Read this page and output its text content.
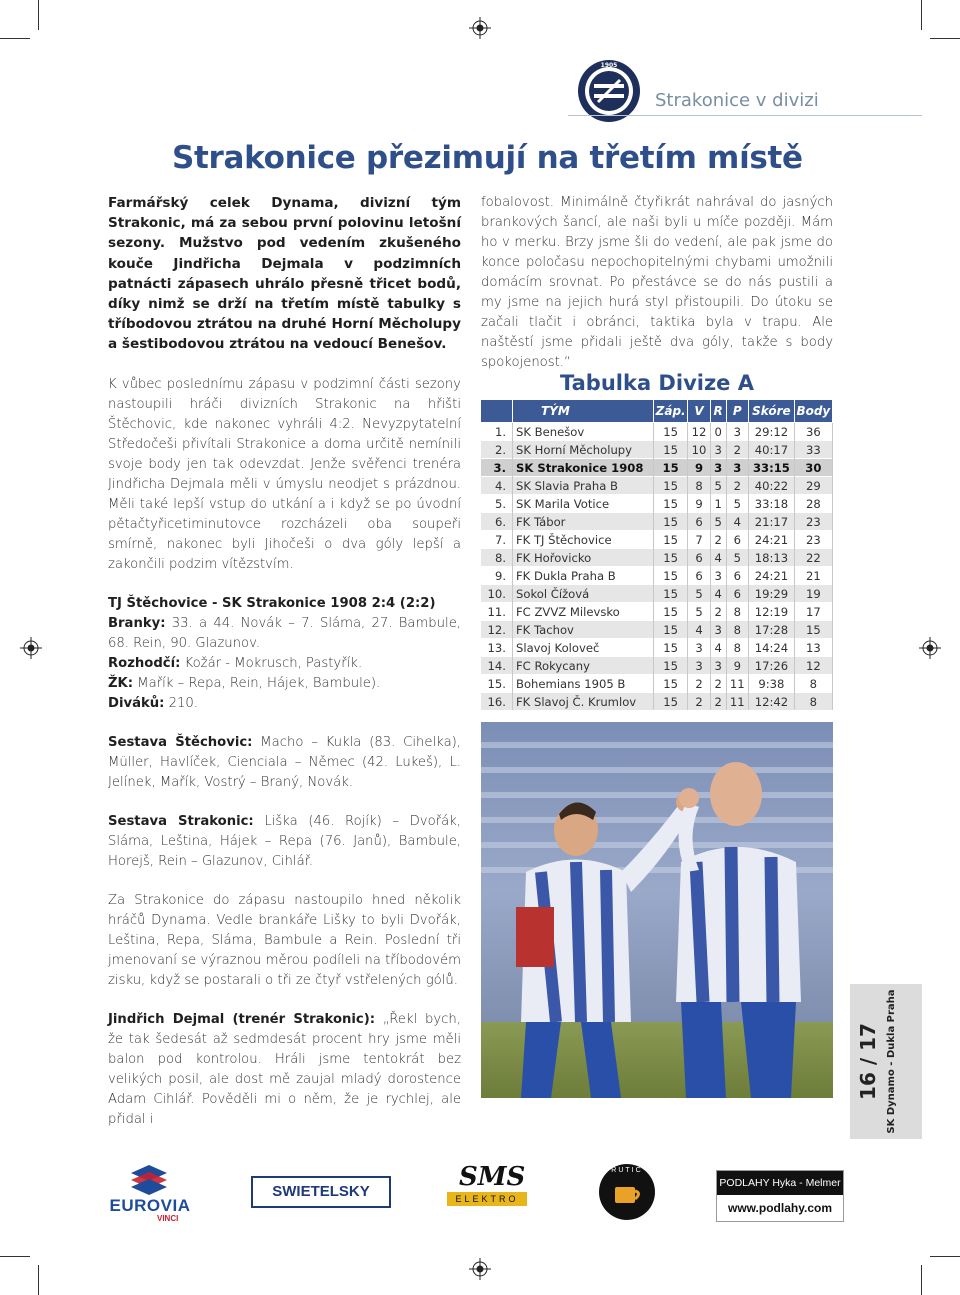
1905
Strakonice v divizi
Strakonice přezimují na třetím místě

Farmářský celek Dynama, divizní tým Strakonic, má za sebou první polovinu letošní sezony. Mužstvo pod vedením zkušeného kouče Jindřicha Dejmala v podzimních patnácti zápasech uhrálo přesně třicet bodů, díky nimž se drží na třetím místě tabulky s tříbodovou ztrátou na druhé Horní Měcholupy a šestibodovou ztrátou na vedoucí Benešov.

K vůbec poslednímu zápasu v podzimní části sezony nastoupili hráči divizních Strakonic na hřišti Štěchovic, kde nakonec vyhráli 4:2. Nevyzpytatelní Středočeši přivítali Strakonice a doma určitě nemínili svoje body jen tak odevzdat. Jenže svěřenci trenéra Jindřicha Dejmala měli v úmyslu neodjet s prázdnou. Měli také lepší vstup do utkání a i když se po úvodní pětačtyřicetiminutovce rozcházeli oba soupeři smírně, nakonec byli Jihočeši o dva góly lepší a zakončili podzim vítězstvím.

TJ Štěchovice - SK Strakonice 1908 2:4 (2:2)
Branky: 33. a 44. Novák – 7. Sláma, 27. Bambule, 68. Rein, 90. Glazunov.
Rozhodčí: Kožár - Mokrusch, Pastyřík.
ŽK: Mařík – Repa, Rein, Hájek, Bambule).
Diváků: 210.

Sestava Štěchovic: Macho – Kukla (83. Cihelka), Müller, Havlíček, Cienciala – Němec (42. Lukeš), L. Jelínek, Mařík, Vostrý – Braný, Novák.

Sestava Strakonic: Liška (46. Rojík) – Dvořák, Sláma, Leština, Hájek – Repa (76. Janů), Bambule, Horejš, Rein – Glazunov, Cihlář.

Za Strakonice do zápasu nastoupilo hned několik hráčů Dynama. Vedle brankáře Lišky to byli Dvořák, Leština, Repa, Sláma, Bambule a Rein. Poslední tři jmenovaní se výraznou měrou podíleli na tříbodovém zisku, když se postarali o tři ze čtyř vstřelených gólů.

Jindřich Dejmal (trenér Strakonic): „Řekl bych, že tak šedesát až sedmdesát procent hry jsme měli balon pod kontrolou. Hráli jsme tentokrát bez velikých posil, ale dost mě zaujal mladý dorostence Adam Cihlář. Pověděli mi o něm, že je rychlej, ale přidal i

fobalovost. Minimálně čtyřikrát nahrával do jasných brankových šancí, ale naši byli u míče později. Mám ho v merku. Brzy jsme šli do vedení, ale pak jsme do konce poločasu nepochopitelnými chybami umožnili domácím srovnat. Po přestávce se do nás pustili a my jsme na jejich hurá styl přistoupili. Do útoku se začali tlačit i obránci, taktika byla v trapu. Ale naštěstí jsme přidali ještě dva góly, takže s body spokojenost.“

Tabulka Divize A
	TÝM	Záp.	V	R	P	Skóre	Body
1.	SK Benešov	15	12	0	3	29:12	36
2.	SK Horní Měcholupy	15	10	3	2	40:17	33
3.	SK Strakonice 1908	15	9	3	3	33:15	30
4.	SK Slavia Praha B	15	8	5	2	40:22	29
5.	SK Marila Votice	15	9	1	5	33:18	28
6.	FK Tábor	15	6	5	4	21:17	23
7.	FK TJ Štěchovice	15	7	2	6	24:21	23
8.	FK Hořovicko	15	6	4	5	18:13	22
9.	FK Dukla Praha B	15	6	3	6	24:21	21
10.	Sokol Čížová	15	5	4	6	19:29	19
11.	FC ZVVZ Milevsko	15	5	2	8	12:19	17
12.	FK Tachov	15	4	3	8	17:28	15
13.	Slavoj Koloveč	15	3	4	8	14:24	13
14.	FC Rokycany	15	3	3	9	17:26	12
15.	Bohemians 1905 B	15	2	2	11	9:38	8
16.	FK Slavoj Č. Krumlov	15	2	2	11	12:42	8
16 / 17 SK Dynamo - Dukla Praha
EUROVIA
VINCI
SWIETELSKY	SMS
ELEKTRO
RUTIC
PODLAHY Hyka - Melmer
www.podlahy.com
